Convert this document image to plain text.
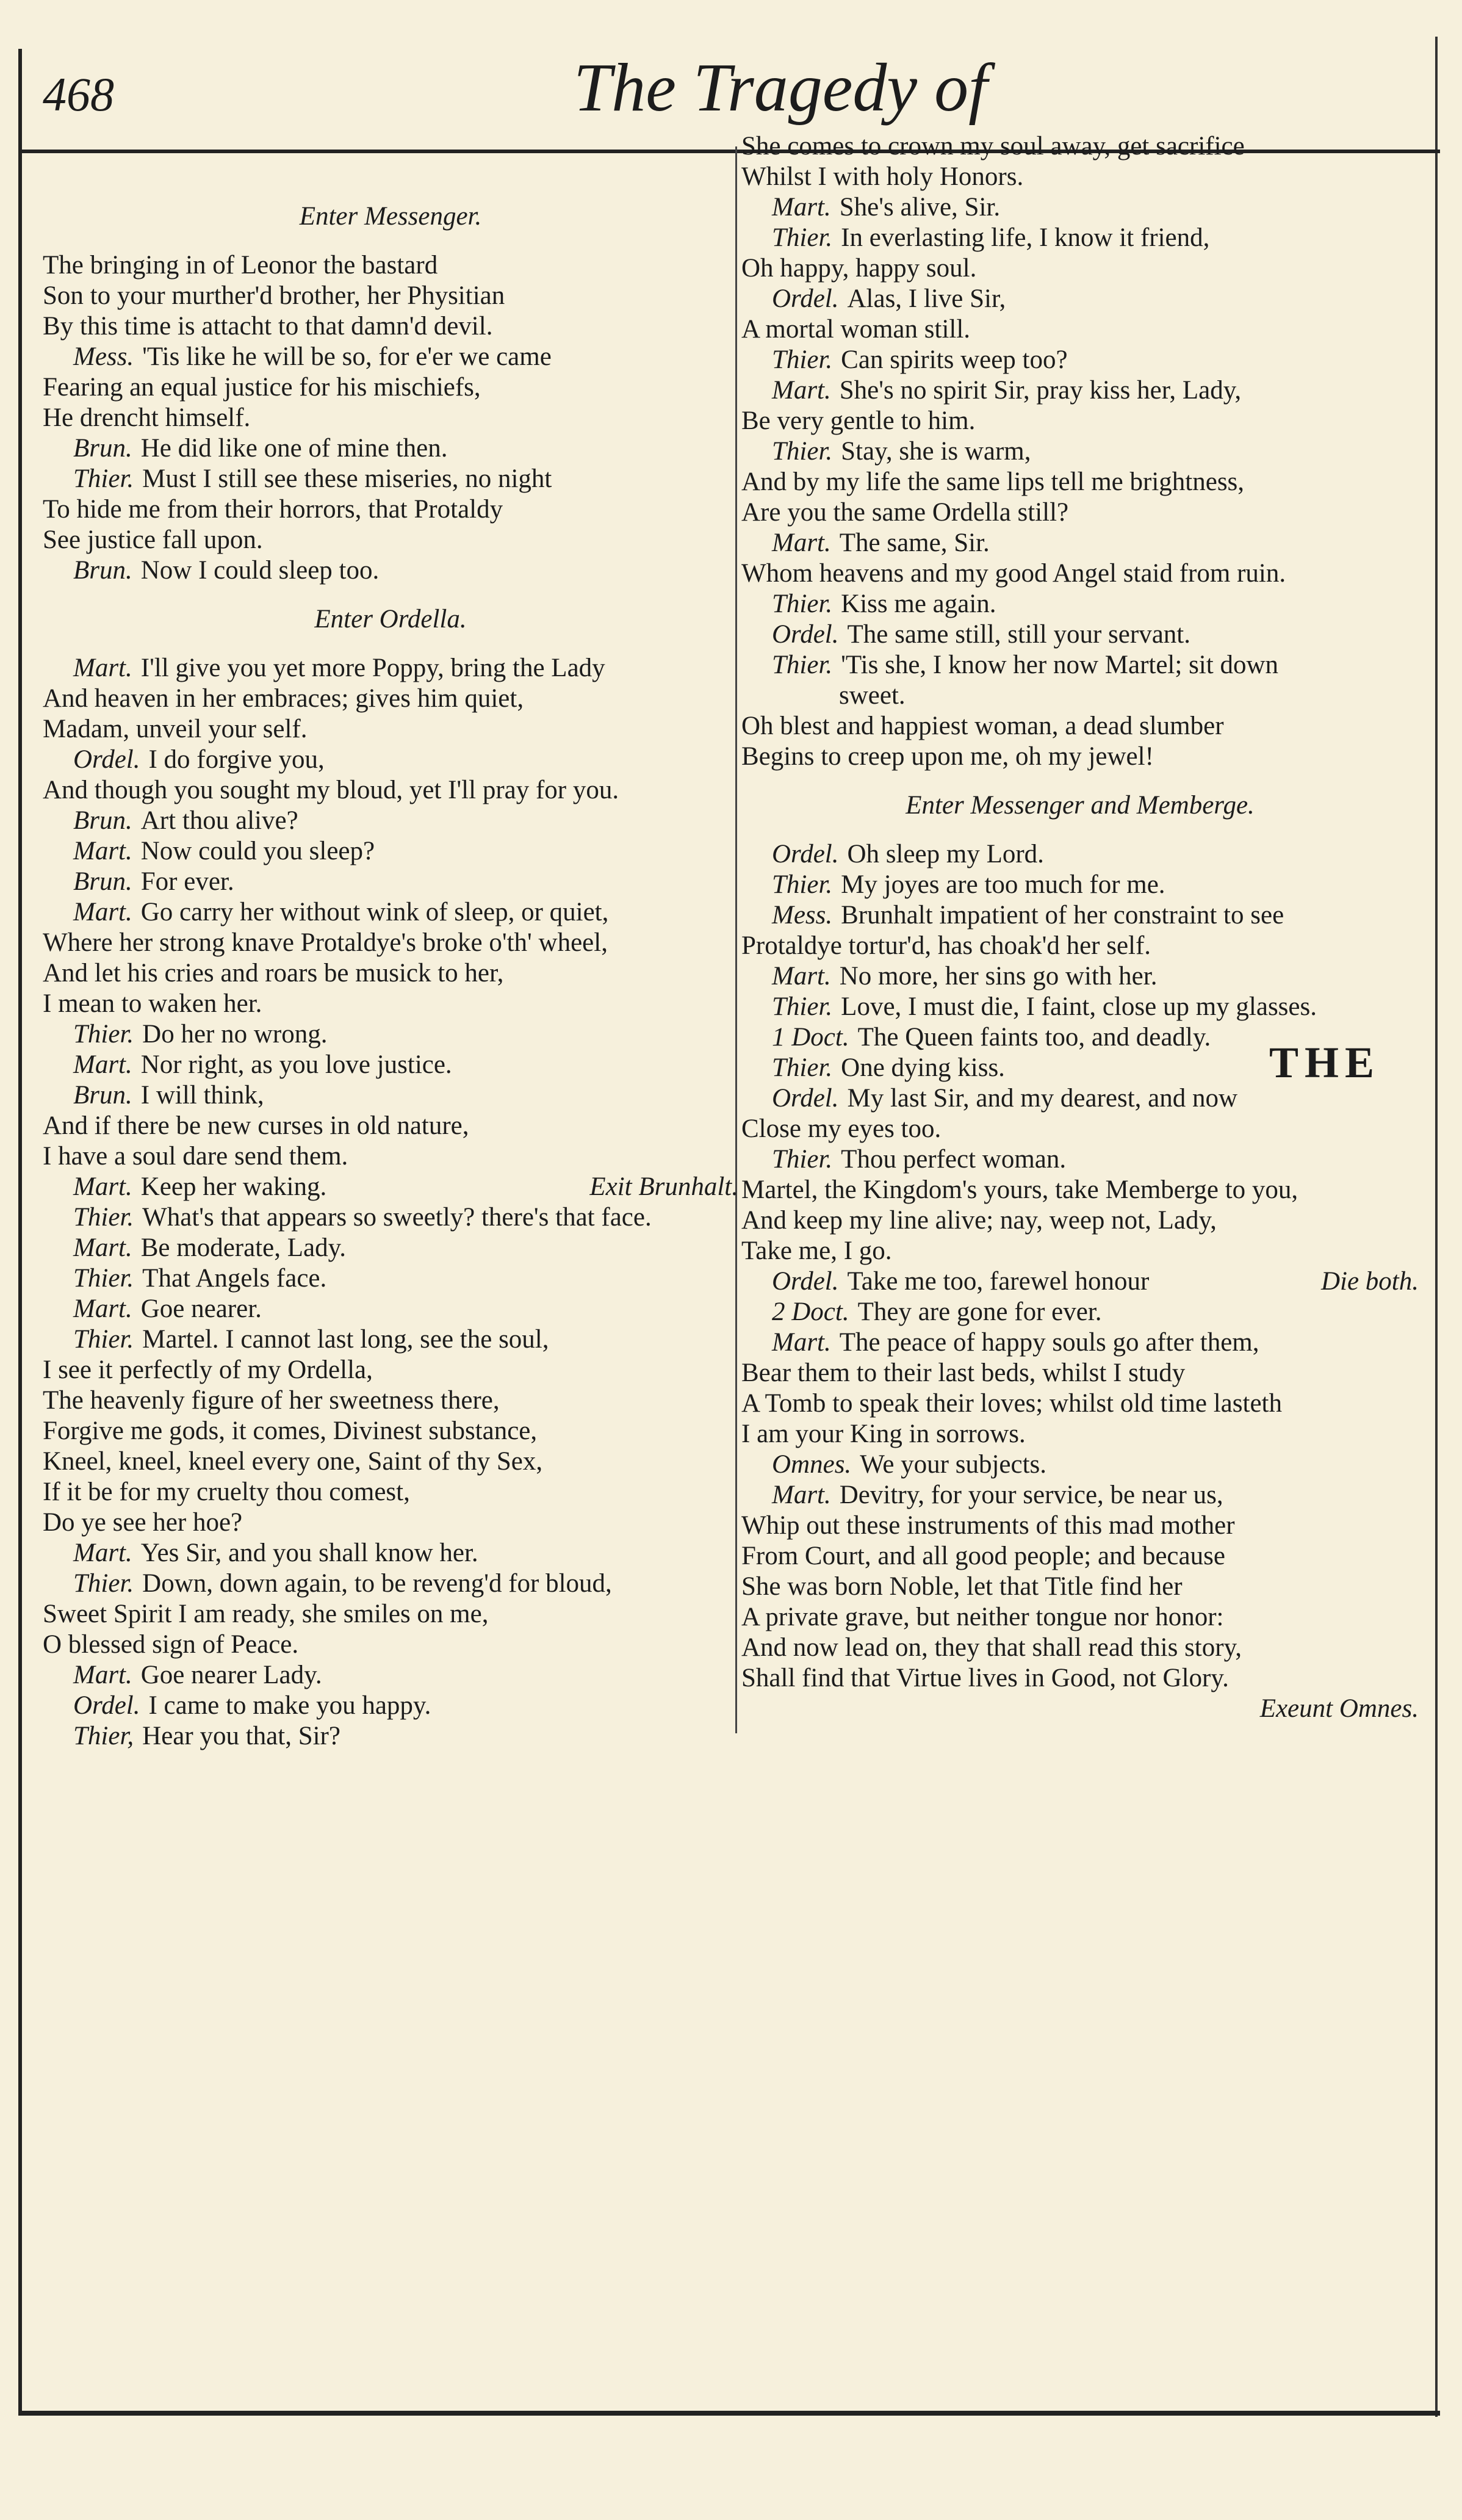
468	The Tragedy of
Enter Messenger.
The bringing in of Leonor the bastard
Son to your murther'd brother, her Physitian
By this time is attacht to that damn'd devil.
Mess. 'Tis like he will be so, for e'er we came
Fearing an equal justice for his mischiefs,
He drencht himself.
Brun. He did like one of mine then.
Thier. Must I still see these miseries, no night
To hide me from their horrors, that Protaldy
See justice fall upon.
Brun. Now I could sleep too.
Enter Ordella.
Mart. I'll give you yet more Poppy, bring the Lady
And heaven in her embraces; gives him quiet,
Madam, unveil your self.
Ordel. I do forgive you,
And though you sought my bloud, yet I'll pray for you.
Brun. Art thou alive?
Mart. Now could you sleep?
Brun. For ever.
Mart. Go carry her without wink of sleep, or quiet,
Where her strong knave Protaldye's broke o'th' wheel,
And let his cries and roars be musick to her,
I mean to waken her.
Thier. Do her no wrong.
Mart. Nor right, as you love justice.
Brun. I will think,
And if there be new curses in old nature,
I have a soul dare send them.
Mart. Keep her waking.	Exit Brunhalt.
Thier. What's that appears so sweetly? there's that face.
Mart. Be moderate, Lady.
Thier. That Angels face.
Mart. Goe nearer.
Thier. Martel. I cannot last long, see the soul,
I see it perfectly of my Ordella,
The heavenly figure of her sweetness there,
Forgive me gods, it comes, Divinest substance,
Kneel, kneel, kneel every one, Saint of thy Sex,
If it be for my cruelty thou comest,
Do ye see her hoe?
Mart. Yes Sir, and you shall know her.
Thier. Down, down again, to be reveng'd for bloud,
Sweet Spirit I am ready, she smiles on me,
O blessed sign of Peace.
Mart. Goe nearer Lady.
Ordel. I came to make you happy.
Thier, Hear you that, Sir?
She comes to crown my soul away, get sacrifice
Whilst I with holy Honors.
Mart. She's alive, Sir.
Thier. In everlasting life, I know it friend,
Oh happy, happy soul.
Ordel. Alas, I live Sir,
A mortal woman still.
Thier. Can spirits weep too?
Mart. She's no spirit Sir, pray kiss her, Lady,
Be very gentle to him.
Thier. Stay, she is warm,
And by my life the same lips tell me brightness,
Are you the same Ordella still?
Mart. The same, Sir.
Whom heavens and my good Angel staid from ruin.
Thier. Kiss me again.
Ordel. The same still, still your servant.
Thier. 'Tis she, I know her now Martel; sit down
sweet.
Oh blest and happiest woman, a dead slumber
Begins to creep upon me, oh my jewel!
Enter Messenger and Memberge.
Ordel. Oh sleep my Lord.
Thier. My joyes are too much for me.
Mess. Brunhalt impatient of her constraint to see
Protaldye tortur'd, has choak'd her self.
Mart. No more, her sins go with her.
Thier. Love, I must die, I faint, close up my glasses.
1 Doct. The Queen faints too, and deadly.
Thier. One dying kiss.
Ordel. My last Sir, and my dearest, and now
Close my eyes too.
Thier. Thou perfect woman.
Martel, the Kingdom's yours, take Memberge to you,
And keep my line alive; nay, weep not, Lady,
Take me, I go.
Ordel. Take me too, farewel honour	Die both.
2 Doct. They are gone for ever.
Mart. The peace of happy souls go after them,
Bear them to their last beds, whilst I study
A Tomb to speak their loves; whilst old time lasteth
I am your King in sorrows.
Omnes. We your subjects.
Mart. Devitry, for your service, be near us,
Whip out these instruments of this mad mother
From Court, and all good people; and because
She was born Noble, let that Title find her
A private grave, but neither tongue nor honor:
And now lead on, they that shall read this story,
Shall find that Virtue lives in Good, not Glory.
Exeunt Omnes.
THE
